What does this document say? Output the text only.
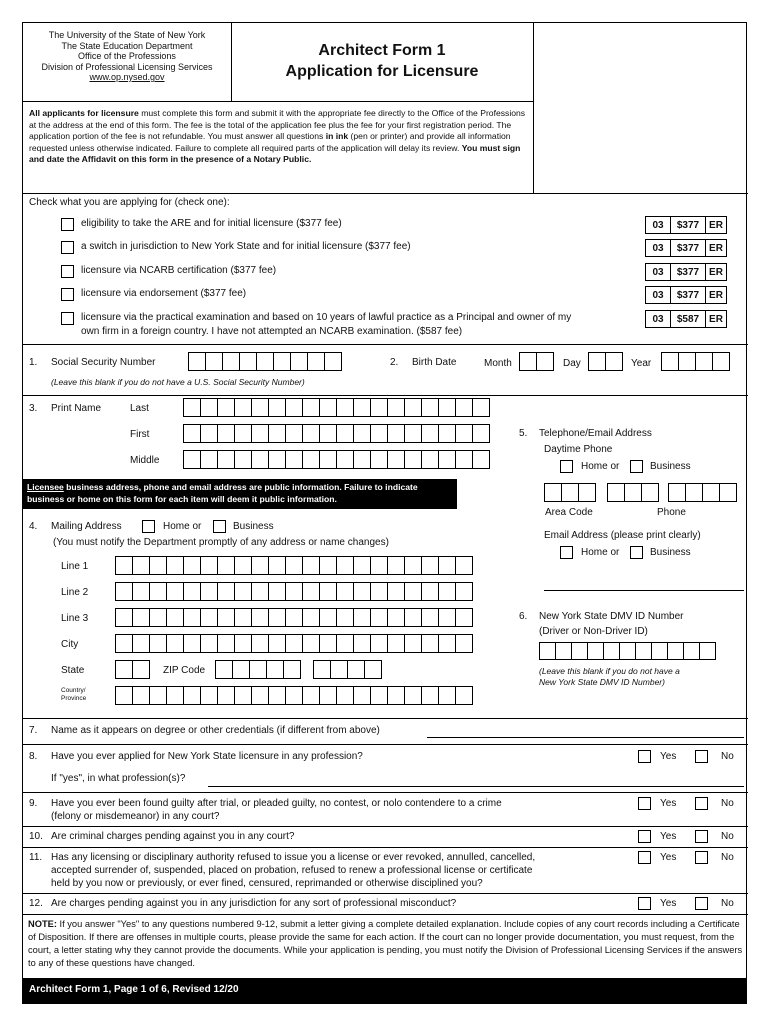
The University of the State of New York
The State Education Department
Office of the Professions
Division of Professional Licensing Services
www.op.nysed.gov
Architect Form 1
Application for Licensure
All applicants for licensure must complete this form and submit it with the appropriate fee directly to the Office of the Professions at the address at the end of this form. The fee is the total of the application fee plus the fee for your first registration period. The application portion of the fee is not refundable. You must answer all questions in ink (pen or printer) and provide all information requested unless otherwise indicated. Failure to complete all required parts of the application will delay its review. You must sign and date the Affidavit on this form in the presence of a Notary Public.
Check what you are applying for (check one):
eligibility to take the ARE and for initial licensure ($377 fee)	03	$377 ER
a switch in jurisdiction to New York State and for initial licensure ($377 fee)	03	$377 ER
licensure via NCARB certification ($377 fee)	03	$377 ER
licensure via endorsement ($377 fee)	03	$377 ER
licensure via the practical examination and based on 10 years of lawful practice as a Principal and owner of my
own firm in a foreign country. I have not attempted an NCARB examination. ($587 fee)
03	$587 ER
1. Social Security Number
(Leave this blank if you do not have a U.S. Social Security Number)
2. Birth Date	Month	Day	Year
3. Print Name	Last
First
Middle
Licensee business address, phone and email address are public information. Failure to indicate business or home on this form for each item will deem it public information.
4. Mailing Address	Home or	Business
(You must notify the Department promptly of any address or name changes)
Line 1
Line 2
Line 3
City
State	ZIP Code
Country/
Province
5. Telephone/Email Address
Daytime Phone
Home or	Business
Area Code	Phone
Email Address (please print clearly)
Home or	Business
6. New York State DMV ID Number
(Driver or Non-Driver ID)
(Leave this blank if you do not have a
New York State DMV ID Number)
7. Name as it appears on degree or other credentials (if different from above)
8. Have you ever applied for New York State licensure in any profession?	Yes	No
If "yes", in what profession(s)?
9. Have you ever been found guilty after trial, or pleaded guilty, no contest, or nolo contendere to a crime
(felony or misdemeanor) in any court?
Yes	No
10. Are criminal charges pending against you in any court?	Yes	No
11. Has any licensing or disciplinary authority refused to issue you a license or ever revoked, annulled, cancelled,
accepted surrender of, suspended, placed on probation, refused to renew a professional license or certificate
held by you now or previously, or ever fined, censured, reprimanded or otherwise disciplined you?
Yes	No
12. Are charges pending against you in any jurisdiction for any sort of professional misconduct?	Yes	No
NOTE: If you answer "Yes" to any questions numbered 9-12, submit a letter giving a complete detailed explanation. Include copies of any court records including a Certificate of Disposition. If there are offenses in multiple courts, please provide the same for each action. If the court can no longer provide documentation, you must request, from the court, a letter stating why they cannot provide the documents. While your application is pending, you must notify the Division of Professional Licensing Services if the answers to any of these questions have changed.
Architect Form 1, Page 1 of 6, Revised 12/20
